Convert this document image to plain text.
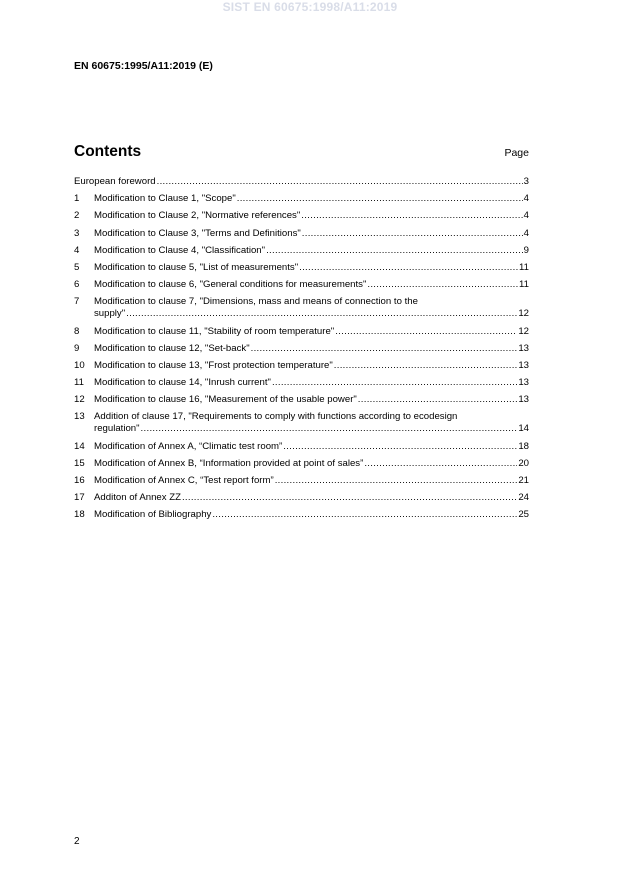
SIST EN 60675:1998/A11:2019
EN 60675:1995/A11:2019 (E)
Contents	Page
European foreword .....	3
1 Modification to Clause 1, "Scope" .....	4
2 Modification to Clause 2, "Normative references" .....	4
3 Modification to Clause 3, "Terms and Definitions" .....	4
4 Modification to Clause 4, "Classification" .....	9
5 Modification to clause 5, "List of measurements" .....	11
6 Modification to clause 6, "General conditions for measurements" .....	11
7 Modification to clause 7, "Dimensions, mass and means of connection to the
supply" .....	12
8 Modification to clause 11, "Stability of room temperature" .....	12
9 Modification to clause 12, "Set-back" .....	13
10 Modification to clause 13, "Frost protection temperature" .....	13
11 Modification to clause 14, "Inrush current" .....	13
12 Modification to clause 16, "Measurement of the usable power" .....	13
13 Addition of clause 17, "Requirements to comply with functions according to ecodesign
regulation" .....	14
14 Modification of Annex A, “Climatic test room” .....	18
15 Modification of Annex B, “Information provided at point of sales” .....	20
16 Modification of Annex C, “Test report form” .....	21
17 Additon of Annex ZZ .....	24
18 Modification of Bibliography .....	25
2
